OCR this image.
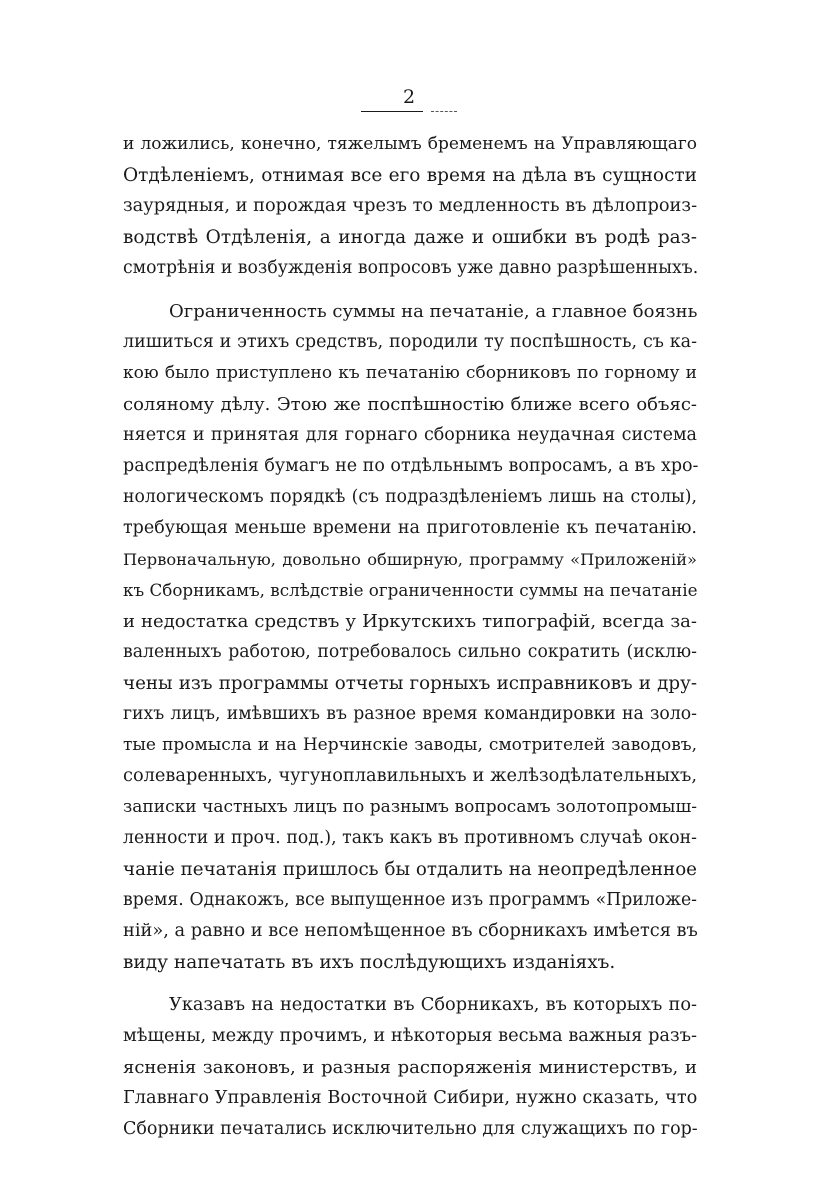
2
и ложились, конечно, тяжелымъ бременемъ на Управляющаго
Отдѣленіемъ, отнимая все его время на дѣла въ сущности
заурядныя, и порождая чрезъ то медленность въ дѣлопроиз-
водствѣ Отдѣленія, а иногда даже и ошибки въ родѣ раз-
смотрѣнія и возбужденія вопросовъ уже давно разрѣшенныхъ.
Ограниченность суммы на печатаніе, а главное боязнь
лишиться и этихъ средствъ, породили ту поспѣшность, съ ка-
кою было приступлено къ печатанію сборниковъ по горному и
соляному дѣлу. Этою же поспѣшностію ближе всего объяс-
няется и принятая для горнаго сборника неудачная система
распредѣленія бумагъ не по отдѣльнымъ вопросамъ, а въ хро-
нологическомъ порядкѣ (съ подраздѣленіемъ лишь на столы),
требующая меньше времени на приготовленіе къ печатанію.
Первоначальную, довольно обширную, программу «Приложеній»
къ Сборникамъ, вслѣдствіе ограниченности суммы на печатаніе
и недостатка средствъ у Иркутскихъ типографій, всегда за-
валенныхъ работою, потребовалось сильно сократить (исклю-
чены изъ программы отчеты горныхъ исправниковъ и дру-
гихъ лицъ, имѣвшихъ въ разное время командировки на золо-
тые промысла и на Нерчинскіе заводы, смотрителей заводовъ,
солеваренныхъ, чугуноплавильныхъ и желѣзодѣлательныхъ,
записки частныхъ лицъ по разнымъ вопросамъ золотопромыш-
ленности и проч. под.), такъ какъ въ противномъ случаѣ окон-
чаніе печатанія пришлось бы отдалить на неопредѣленное
время. Однакожъ, все выпущенное изъ программъ «Приложе-
ній», а равно и все непомѣщенное въ сборникахъ имѣется въ
виду напечатать въ ихъ послѣдующихъ изданіяхъ.
Указавъ на недостатки въ Сборникахъ, въ которыхъ по-
мѣщены, между прочимъ, и нѣкоторыя весьма важныя разъ-
ясненія законовъ, и разныя распоряженія министерствъ, и
Главнаго Управленія Восточной Сибири, нужно сказать, что
Сборники печатались исключительно для служащихъ по гор-
